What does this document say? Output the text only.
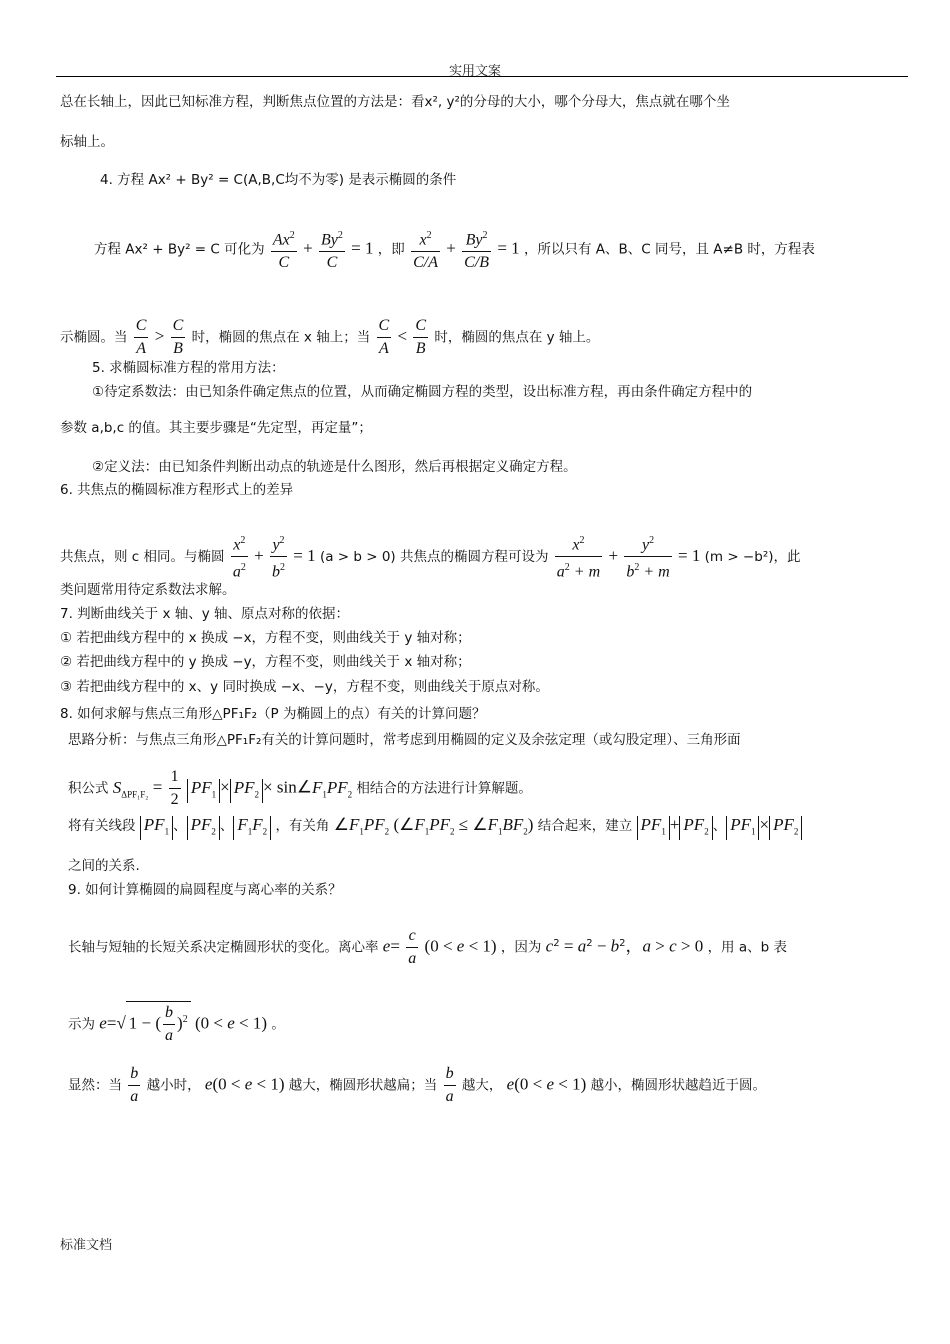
实用文案
总在长轴上，因此已知标准方程，判断焦点位置的方法是：看x², y²的分母的大小，哪个分母大，焦点就在哪个坐
标轴上。
4. 方程 Ax² + By² = C(A,B,C均不为零) 是表示椭圆的条件
方程 Ax² + By² = C 可化为 $\frac{Ax^2}{C} + \frac{By^2}{C} = 1$ ，即 $\frac{x^2}{C/A} + \frac{By^2}{C/B} = 1$ ，所以只有 A、B、C 同号，且 A≠B 时，方程表
示椭圆。当 $\frac{C}{A} > \frac{C}{B}$ 时，椭圆的焦点在 x 轴上；当 $\frac{C}{A} < \frac{C}{B}$ 时，椭圆的焦点在 y 轴上。
5. 求椭圆标准方程的常用方法：
①待定系数法：由已知条件确定焦点的位置，从而确定椭圆方程的类型，设出标准方程，再由条件确定方程中的
参数 a,b,c 的值。其主要步骤是“先定型，再定量”；
②定义法：由已知条件判断出动点的轨迹是什么图形，然后再根据定义确定方程。
6. 共焦点的椭圆标准方程形式上的差异
共焦点，则 c 相同。与椭圆 $\frac{x^2}{a^2} + \frac{y^2}{b^2} = 1$ (a > b > 0) 共焦点的椭圆方程可设为 $\frac{x^2}{a^2 + m} + \frac{y^2}{b^2 + m} = 1$ (m > −b²)，此
类问题常用待定系数法求解。
7. 判断曲线关于 x 轴、y 轴、原点对称的依据：
① 若把曲线方程中的 x 换成 −x，方程不变，则曲线关于 y 轴对称；
② 若把曲线方程中的 y 换成 −y，方程不变，则曲线关于 x 轴对称；
③ 若把曲线方程中的 x、y 同时换成 −x、−y，方程不变，则曲线关于原点对称。
8. 如何求解与焦点三角形△PF₁F₂（P 为椭圆上的点）有关的计算问题？
思路分析：与焦点三角形△PF₁F₂有关的计算问题时，常考虑到用椭圆的定义及余弦定理（或勾股定理）、三角形面
积公式 $S_{\Delta PF_1F_2} = \frac{1}{2} PF_1 \times PF_2$ × $\sin\angle F_1PF_2$ 相结合的方法进行计算解题。
将有关线段 $PF_1$ 、 $PF_2$ 、 $F_1F_2$ ，有关角 $\angle F_1PF_2$ ($\angle F_1PF_2$ ≤ $\angle F_1BF_2$) 结合起来，建立 $PF_1 + PF_2$ 、 $PF_1 \times PF_2$
之间的关系.
9. 如何计算椭圆的扁圆程度与离心率的关系？
长轴与短轴的长短关系决定椭圆形状的变化。离心率 $e= \frac{c}{a} (0 < e < 1)$ ，因为 $c^2 = a^2 - b^2$，a > c > 0 ，用 a、b 表
示为 e=√ 1 − ( $\frac{b}{a} )^2$ (0 < e < 1) 。
显然：当 $\frac{b}{a}$ 越小时， e(0 < e < 1) 越大，椭圆形状越扁；当 $\frac{b}{a}$ 越大， e(0 < e < 1) 越小，椭圆形状越趋近于圆。
标准文档
